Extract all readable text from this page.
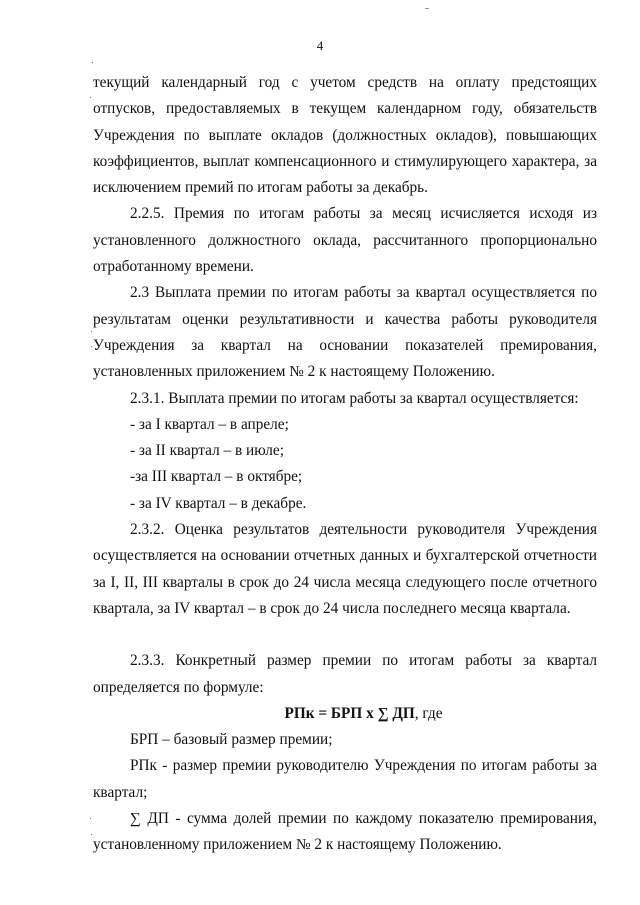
4

текущий календарный год с учетом средств на оплату предстоящих отпусков, предоставляемых в текущем календарном году, обязательств Учреждения по выплате окладов (должностных окладов), повышающих коэффициентов, выплат компенсационного и стимулирующего характера, за исключением премий по итогам работы за декабрь.

2.2.5. Премия по итогам работы за месяц исчисляется исходя из установленного должностного оклада, рассчитанного пропорционально отработанному времени.

2.3 Выплата премии по итогам работы за квартал осуществляется по результатам оценки результативности и качества работы руководителя Учреждения за квартал на основании показателей премирования, установленных приложением № 2 к настоящему Положению.

2.3.1. Выплата премии по итогам работы за квартал осуществляется:

- за I квартал – в апреле;

- за II квартал – в июле;

-за III квартал – в октябре;

- за IV квартал – в декабре.

2.3.2. Оценка результатов деятельности руководителя Учреждения осуществляется на основании отчетных данных и бухгалтерской отчетности за I, II, III кварталы в срок до 24 числа месяца следующего после отчетного квартала, за IV квартал – в срок до 24 числа последнего месяца квартала.

2.3.3. Конкретный размер премии по итогам работы за квартал определяется по формуле:

РПк = БРП х ∑ ДП, где

БРП – базовый размер премии;

РПк - размер премии руководителю Учреждения по итогам работы за квартал;

∑ ДП - сумма долей премии по каждому показателю премирования, установленному приложением № 2 к настоящему Положению.
